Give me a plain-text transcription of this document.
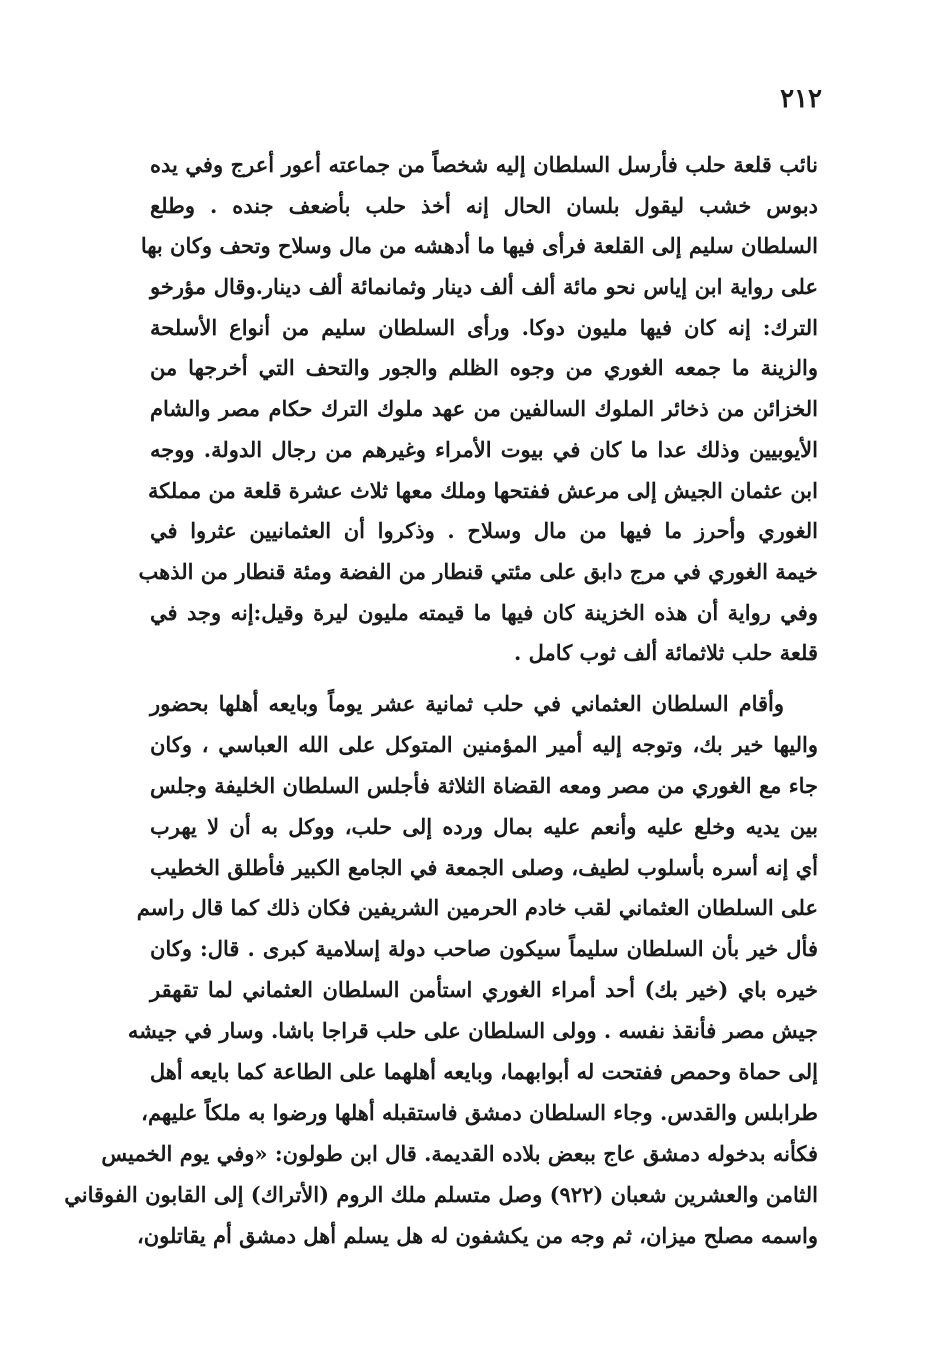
٢١٢
نائب قلعة حلب فأرسل السلطان إليه شخصاً من جماعته أعور أعرج وفي يده
دبوس خشب ليقول بلسان الحال إنه أخذ حلب بأضعف جنده . وطلع
السلطان سليم إلى القلعة فرأى فيها ما أدهشه من مال وسلاح وتحف وكان بها
على رواية ابن إياس نحو مائة ألف ألف دينار وثمانمائة ألف دينار.وقال مؤرخو
الترك: إنه كان فيها مليون دوكا. ورأى السلطان سليم من أنواع الأسلحة
والزينة ما جمعه الغوري من وجوه الظلم والجور والتحف التي أخرجها من
الخزائن من ذخائر الملوك السالفين من عهد ملوك الترك حكام مصر والشام
الأيوبيين وذلك عدا ما كان في بيوت الأمراء وغيرهم من رجال الدولة. ووجه
ابن عثمان الجيش إلى مرعش ففتحها وملك معها ثلاث عشرة قلعة من مملكة
الغوري وأحرز ما فيها من مال وسلاح . وذكروا أن العثمانيين عثروا في
خيمة الغوري في مرج دابق على مئتي قنطار من الفضة ومئة قنطار من الذهب
وفي رواية أن هذه الخزينة كان فيها ما قيمته مليون ليرة وقيل:إنه وجد في
قلعة حلب ثلاثمائة ألف ثوب كامل .
وأقام السلطان العثماني في حلب ثمانية عشر يوماً وبايعه أهلها بحضور
واليها خير بك، وتوجه إليه أمير المؤمنين المتوكل على الله العباسي ، وكان
جاء مع الغوري من مصر ومعه القضاة الثلاثة فأجلس السلطان الخليفة وجلس
بين يديه وخلع عليه وأنعم عليه بمال ورده إلى حلب، ووكل به أن لا يهرب
أي إنه أسره بأسلوب لطيف، وصلى الجمعة في الجامع الكبير فأطلق الخطيب
على السلطان العثماني لقب خادم الحرمين الشريفين فكان ذلك كما قال راسم
فأل خير بأن السلطان سليماً سيكون صاحب دولة إسلامية كبرى . قال: وكان
خيره باي (خير بك) أحد أمراء الغوري استأمن السلطان العثماني لما تقهقر
جيش مصر فأنقذ نفسه . وولى السلطان على حلب قراجا باشا. وسار في جيشه
إلى حماة وحمص ففتحت له أبوابهما، وبايعه أهلهما على الطاعة كما بايعه أهل
طرابلس والقدس. وجاء السلطان دمشق فاستقبله أهلها ورضوا به ملكاً عليهم،
فكأنه بدخوله دمشق عاج ببعض بلاده القديمة. قال ابن طولون: «وفي يوم الخميس
الثامن والعشرين شعبان (٩٢٢) وصل متسلم ملك الروم (الأتراك) إلى القابون الفوقاني
واسمه مصلح ميزان، ثم وجه من يكشفون له هل يسلم أهل دمشق أم يقاتلون،
